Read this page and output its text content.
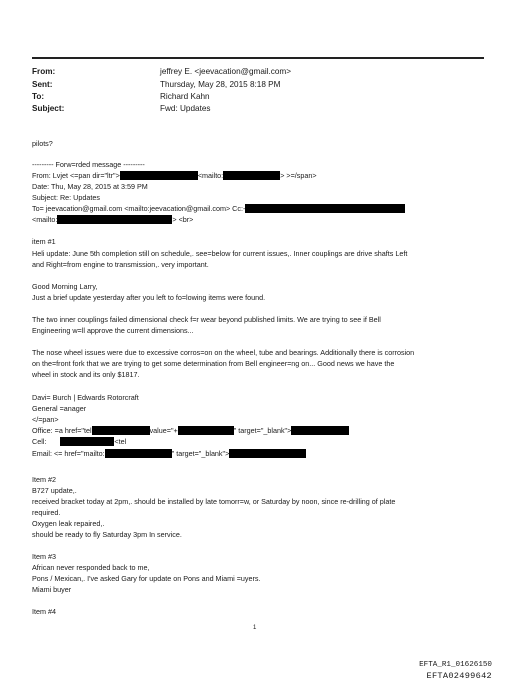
From:	jeffrey E. <jeevacation@gmail.com>
Sent:	Thursday, May 28, 2015 8:18 PM
To:	Richard Kahn
Subject:	Fwd: Updates
pilots?
--------- Forw=rded message ---------
From: Lvjet <=pan dir="ltr">	<mailto:	> >=/span>
Date: Thu, May 28, 2015 at 3:59 PM
Subject: Re: Updates
To= jeevacation@gmail.com <mailto:jeevacation@gmail.com> Cc:-
<mailto:	> <br>
item #1
Heli update: June 5th completion still on schedule,. see=below for current issues,. Inner couplings are drive shafts Left
and Right=from engine to transmission,. very important.
Good Morning Larry,
Just a brief update yesterday after you left to fo=lowing items were found.
The two inner couplings failed dimensional check f=r wear beyond published limits. We are trying to see if Bell
Engineering w=ll approve the current dimensions...
The nose wheel issues were due to excessive corros=on on the wheel, tube and bearings. Additionally there is corrosion
on the=front fork that we are trying to get some determination from Bell engineer=ng on... Good news we have the
wheel in stock and its only $1817.
Davi= Burch | Edwards Rotorcraft
General =anager
</=pan>
Office: =a href="tel	value="+	" target="_blank">
Cell:	<tel
Email: <= href="mailto:	" target="_blank">
Item #2
B727 update,.
received bracket today at 2pm,. should be installed by late tomorr=w, or Saturday by noon, since re-drilling of plate
required.
Oxygen leak repaired,.
should be ready to fly Saturday 3pm In service.
Item #3
African never responded back to me,
Pons / Mexican,. I've asked Gary for update on Pons and Miami =uyers.
Miami buyer
Item #4
1
EFTA_R1_01626150
EFTA02499642
